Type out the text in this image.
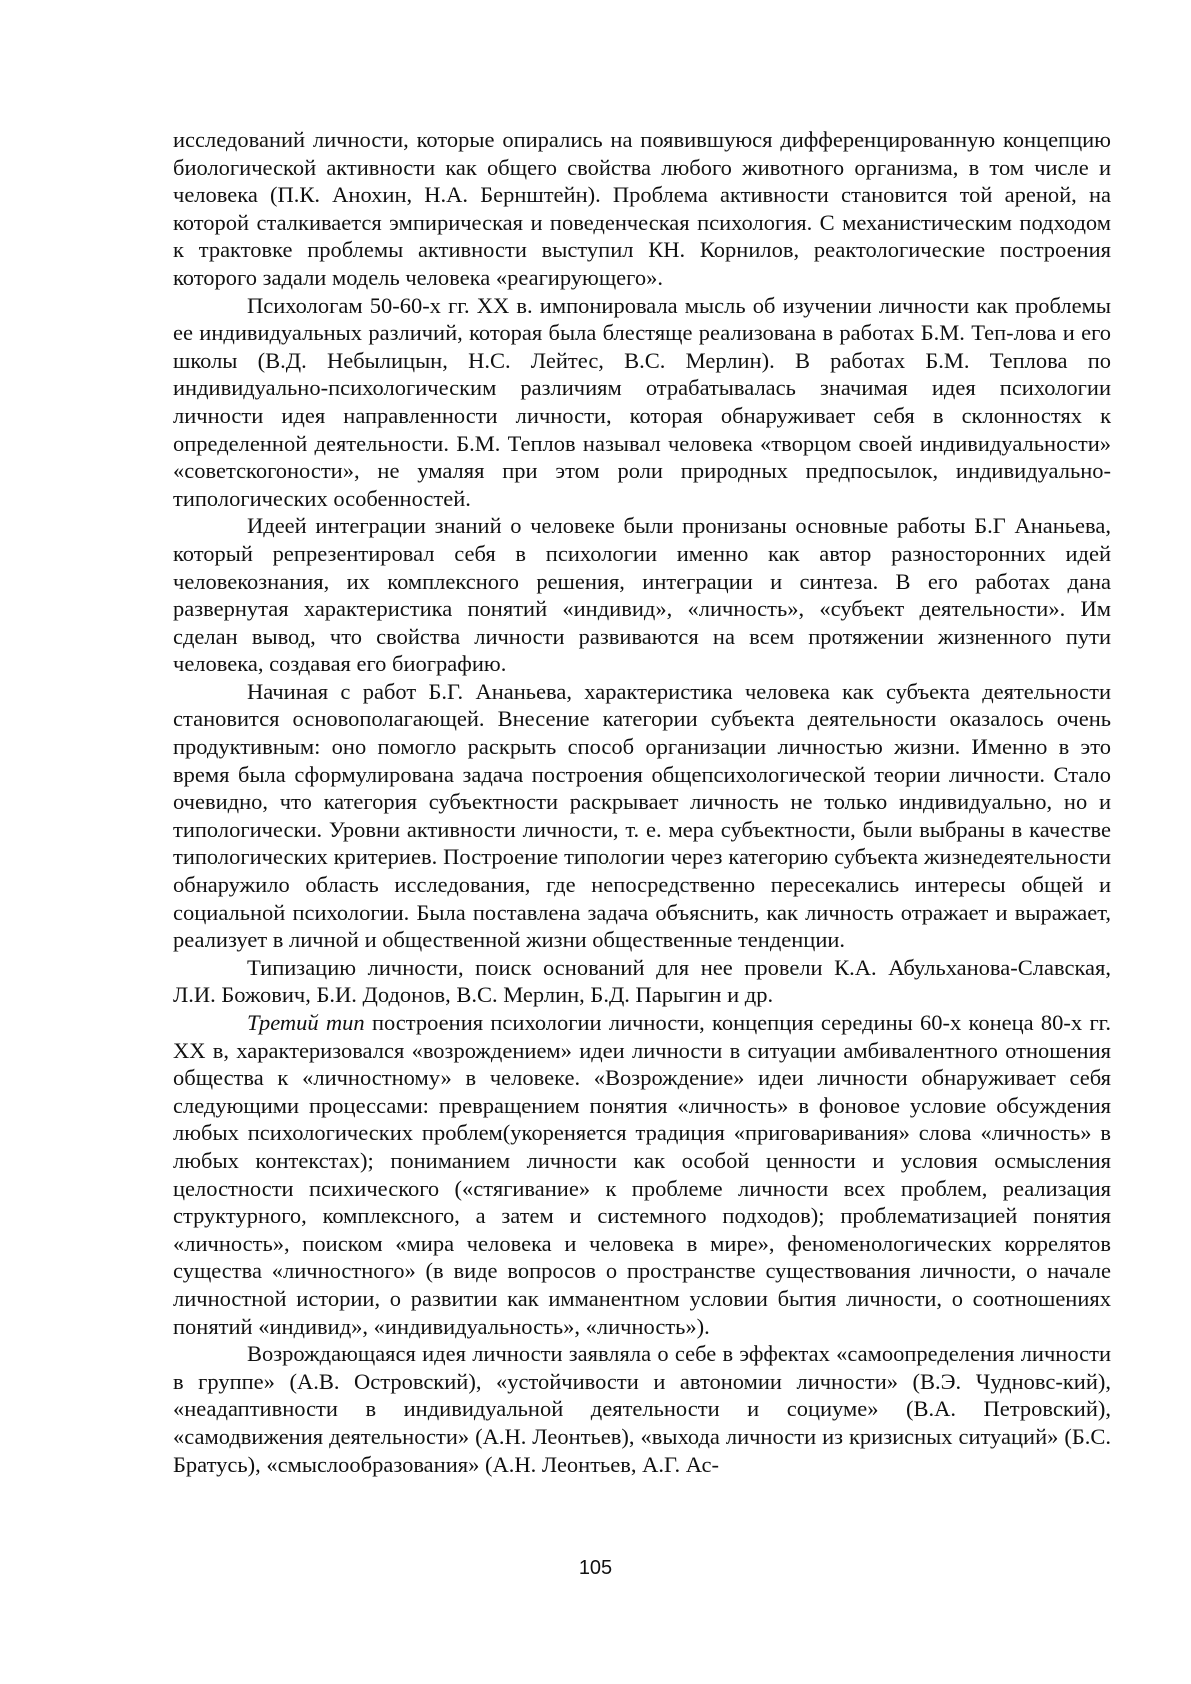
исследований личности, которые опирались на появившуюся дифференцированную концепцию биологической активности как общего свойства любого животного организма, в том числе и человека (П.К. Анохин, Н.А. Бернштейн). Проблема активности становится той ареной, на которой сталкивается эмпирическая и поведенческая психология. С механистическим подходом к трактовке проблемы активности выступил КН. Корнилов, реактологические построения которого задали модель человека «реагирующего».

Психологам 50-60-х гг. XX в. импонировала мысль об изучении личности как проблемы ее индивидуальных различий, которая была блестяще реализована в работах Б.М. Теп-лова и его школы (В.Д. Небылицын, Н.С. Лейтес, B.C. Мерлин). В работах Б.М. Теплова по индивидуально-психологическим различиям отрабатывалась значимая идея психологии личности идея направленности личности, которая обнаруживает себя в склонностях к определенной деятельности. Б.М. Теплов называл человека «творцом своей индивидуальности» «советскогоности», не умаляя при этом роли природных предпосылок, индивидуально-типологических особенностей.

Идеей интеграции знаний о человеке были пронизаны основные работы Б.Г Ананьева, который репрезентировал себя в психологии именно как автор разносторонних идей человекознания, их комплексного решения, интеграции и синтеза. В его работах дана развернутая характеристика понятий «индивид», «личность», «субъект деятельности». Им сделан вывод, что свойства личности развиваются на всем протяжении жизненного пути человека, создавая его биографию.

Начиная с работ Б.Г. Ананьева, характеристика человека как субъекта деятельности становится основополагающей. Внесение категории субъекта деятельности оказалось очень продуктивным: оно помогло раскрыть способ организации личностью жизни. Именно в это время была сформулирована задача построения общепсихологической теории личности. Стало очевидно, что категория субъектности раскрывает личность не только индивидуально, но и типологически. Уровни активности личности, т. е. мера субъектности, были выбраны в качестве типологических критериев. Построение типологии через категорию субъекта жизнедеятельности обнаружило область исследования, где непосредственно пересекались интересы общей и социальной психологии. Была поставлена задача объяснить, как личность отражает и выражает, реализует в личной и общественной жизни общественные тенденции.

Типизацию личности, поиск оснований для нее провели К.А. Абульханова-Славская, Л.И. Божович, Б.И. Додонов, B.C. Мерлин, Б.Д. Парыгин и др.

Третий тип построения психологии личности, концепция середины 60-х конеца 80-х гг. XX в, характеризовался «возрождением» идеи личности в ситуации амбивалентного отношения общества к «личностному» в человеке. «Возрождение» идеи личности обнаруживает себя следующими процессами: превращением понятия «личность» в фоновое условие обсуждения любых психологических проблем(укореняется традиция «приговаривания» слова «личность» в любых контекстах); пониманием личности как особой ценности и условия осмысления целостности психического («стягивание» к проблеме личности всех проблем, реализация структурного, комплексного, а затем и системного подходов); проблематизацией понятия «личность», поиском «мира человека и человека в мире», феноменологических коррелятов существа «личностного» (в виде вопросов о пространстве существования личности, о начале личностной истории, о развитии как имманентном условии бытия личности, о соотношениях понятий «индивид», «индивидуальность», «личность»).

Возрождающаяся идея личности заявляла о себе в эффектах «самоопределения личности в группе» (А.В. Островский), «устойчивости и автономии личности» (В.Э. Чудновс-кий), «неадаптивности в индивидуальной деятельности и социуме» (В.А. Петровский), «самодвижения деятельности» (А.Н. Леонтьев), «выхода личности из кризисных ситуаций» (Б.С. Братусь), «смыслообразования» (А.Н. Леонтьев, А.Г. Ас-

105
